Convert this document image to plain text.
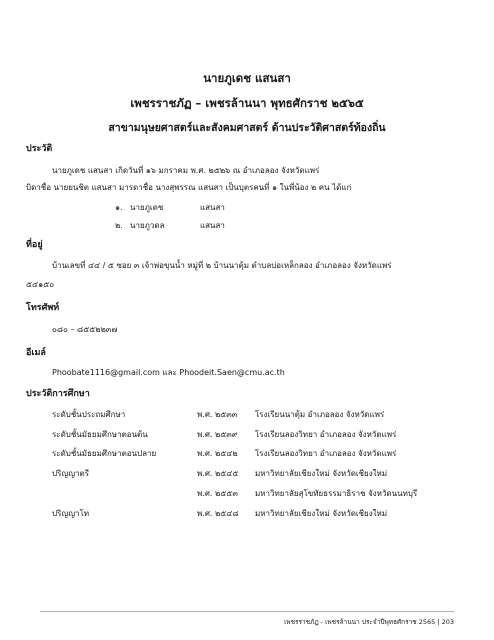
นายภูเดช แสนสา
เพชรราชภัฏ – เพชรล้านนา พุทธศักราช ๒๕๖๕
สาขามนุษยศาสตร์และสังคมศาสตร์ ด้านประวัติศาสตร์ท้องถิ่น
ประวัติ
นายภูเดช แสนสา เกิดวันที่ ๑๖ มกราคม พ.ศ. ๒๕๒๖ ณ อำเภอลอง จังหวัดแพร่
บิดาชื่อ นายยนชิต แสนสา มารดาชื่อ นางสุพรรณ แสนสา เป็นบุตรคนที่ ๑ ในพี่น้อง ๒ คน ได้แก่
๑. นายภูเดช	แสนสา
๒. นายภูวดล	แสนสา
ที่อยู่
บ้านเลขที่ ๔๔ / ๕ ซอย ๓ เจ้าพ่อขุนน้ำ หมู่ที่ ๒ บ้านนาตุ้ม ตำบลบ่อเหล็กลอง อำเภอลอง จังหวัดแพร่
๕๔๑๕๐
โทรศัพท์
๐๘๐ – ๘๕๕๒๒๓๗
อีเมล์
Phoobate1116@gmail.com และ Phoodeit.Saen@cmu.ac.th
ประวัติการศึกษา
ระดับชั้นประถมศึกษา	พ.ศ. ๒๕๓๓ โรงเรียนนาตุ้ม อำเภอลอง จังหวัดแพร่
ระดับชั้นมัธยมศึกษาตอนต้น	พ.ศ. ๒๕๓๙ โรงเรียนลองวิทยา อำเภอลอง จังหวัดแพร่
ระดับชั้นมัธยมศึกษาตอนปลาย	พ.ศ. ๒๕๔๒ โรงเรียนลองวิทยา อำเภอลอง จังหวัดแพร่
ปริญญาตรี	พ.ศ. ๒๕๔๕ มหาวิทยาลัยเชียงใหม่ จังหวัดเชียงใหม่
พ.ศ. ๒๕๕๓ มหาวิทยาลัยสุโขทัยธรรมาธิราช จังหวัดนนทบุรี
ปริญญาโท	พ.ศ. ๒๕๔๘ มหาวิทยาลัยเชียงใหม่ จังหวัดเชียงใหม่
เพชรราชภัฏ - เพชรล้านนา ประจำปีพุทธศักราช 2565 | 203
